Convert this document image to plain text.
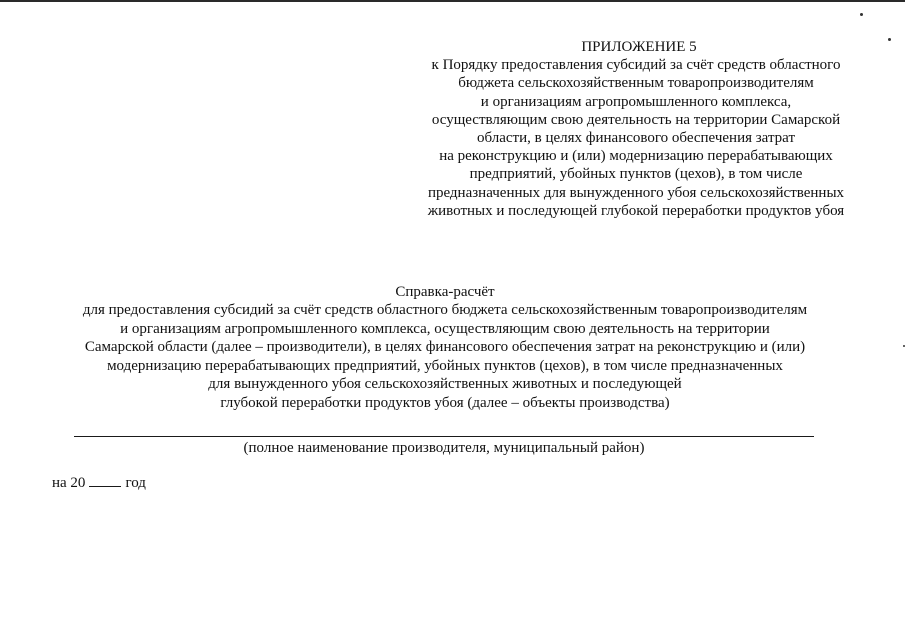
ПРИЛОЖЕНИЕ 5
к Порядку предоставления субсидий за счёт средств областного
бюджета сельскохозяйственным товаропроизводителям
и организациям агропромышленного комплекса,
осуществляющим свою деятельность на территории Самарской
области, в целях финансового обеспечения затрат
на реконструкцию и (или) модернизацию перерабатывающих
предприятий, убойных пунктов (цехов), в том числе
предназначенных для вынужденного убоя сельскохозяйственных
животных и последующей глубокой переработки продуктов убоя
Справка-расчёт
для предоставления субсидий за счёт средств областного бюджета сельскохозяйственным товаропроизводителям
и организациям агропромышленного комплекса, осуществляющим свою деятельность на территории
Самарской области (далее – производители), в целях финансового обеспечения затрат на реконструкцию и (или)
модернизацию перерабатывающих предприятий, убойных пунктов (цехов), в том числе предназначенных
для вынужденного убоя сельскохозяйственных животных и последующей
глубокой переработки продуктов убоя (далее – объекты производства)
(полное наименование производителя, муниципальный район)
на 20	год
